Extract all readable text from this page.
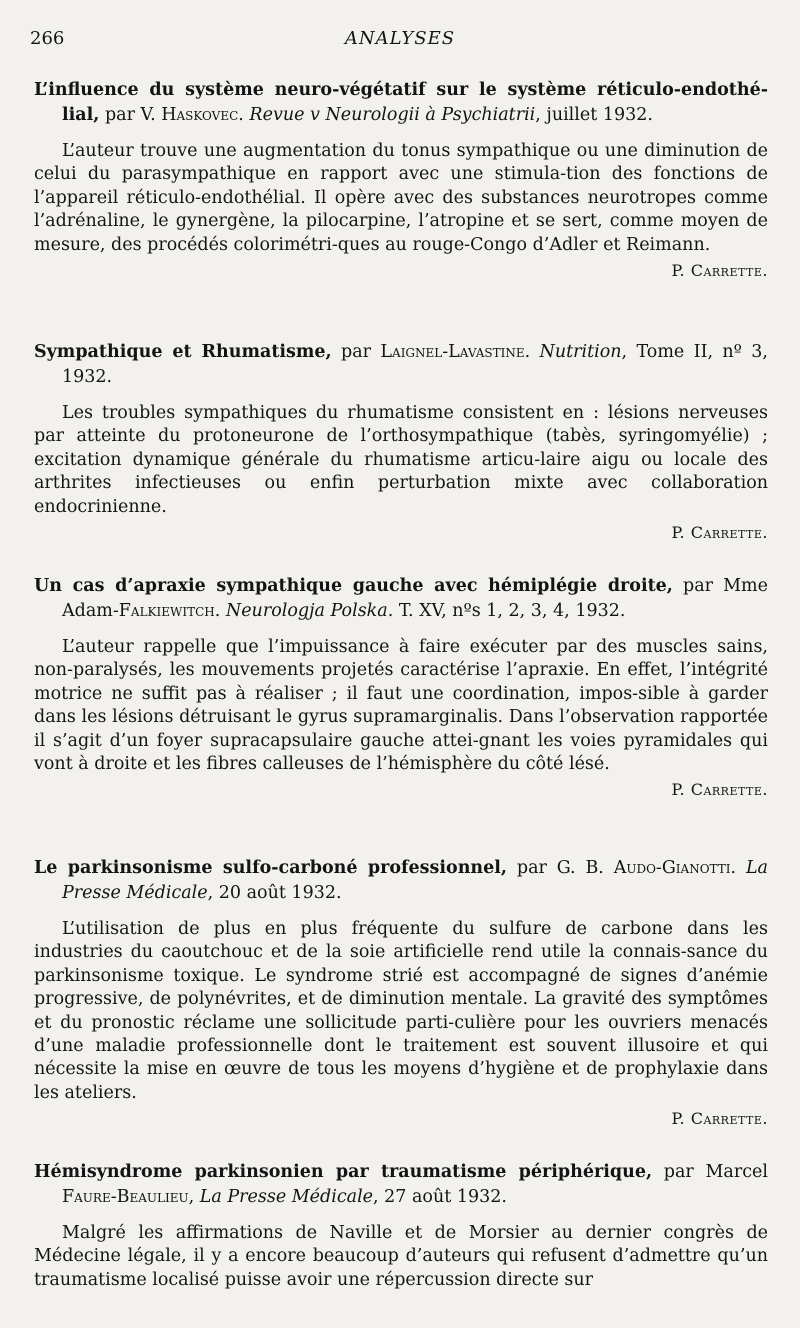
266	ANALYSES

L’influence du système neuro-végétatif sur le système réticulo-endothé-lial, par V. Haskovec. Revue v Neurologii à Psychiatrii, juillet 1932.

L’auteur trouve une augmentation du tonus sympathique ou une diminution de celui du parasympathique en rapport avec une stimula-tion des fonctions de l’appareil réticulo-endothélial. Il opère avec des substances neurotropes comme l’adrénaline, le gynergène, la pilocarpine, l’atropine et se sert, comme moyen de mesure, des procédés colorimétri-ques au rouge-Congo d’Adler et Reimann.

P. Carrette.

Sympathique et Rhumatisme, par Laignel-Lavastine. Nutrition, Tome II, nº 3, 1932.

Les troubles sympathiques du rhumatisme consistent en : lésions nerveuses par atteinte du protoneurone de l’orthosympathique (tabès, syringomyélie) ; excitation dynamique générale du rhumatisme articu-laire aigu ou locale des arthrites infectieuses ou enfin perturbation mixte avec collaboration endocrinienne.

P. Carrette.

Un cas d’apraxie sympathique gauche avec hémiplégie droite, par Mme Adam-Falkiewitch. Neurologja Polska. T. XV, nºs 1, 2, 3, 4, 1932.

L’auteur rappelle que l’impuissance à faire exécuter par des muscles sains, non-paralysés, les mouvements projetés caractérise l’apraxie. En effet, l’intégrité motrice ne suffit pas à réaliser ; il faut une coordination, impos-sible à garder dans les lésions détruisant le gyrus supramarginalis. Dans l’observation rapportée il s’agit d’un foyer supracapsulaire gauche attei-gnant les voies pyramidales qui vont à droite et les fibres calleuses de l’hémisphère du côté lésé.

P. Carrette.

Le parkinsonisme sulfo-carboné professionnel, par G. B. Audo-Gianotti. La Presse Médicale, 20 août 1932.

L’utilisation de plus en plus fréquente du sulfure de carbone dans les industries du caoutchouc et de la soie artificielle rend utile la connais-sance du parkinsonisme toxique. Le syndrome strié est accompagné de signes d’anémie progressive, de polynévrites, et de diminution mentale. La gravité des symptômes et du pronostic réclame une sollicitude parti-culière pour les ouvriers menacés d’une maladie professionnelle dont le traitement est souvent illusoire et qui nécessite la mise en œuvre de tous les moyens d’hygiène et de prophylaxie dans les ateliers.

P. Carrette.

Hémisyndrome parkinsonien par traumatisme périphérique, par Marcel Faure-Beaulieu, La Presse Médicale, 27 août 1932.

Malgré les affirmations de Naville et de Morsier au dernier congrès de Médecine légale, il y a encore beaucoup d’auteurs qui refusent d’admettre qu’un traumatisme localisé puisse avoir une répercussion directe sur
